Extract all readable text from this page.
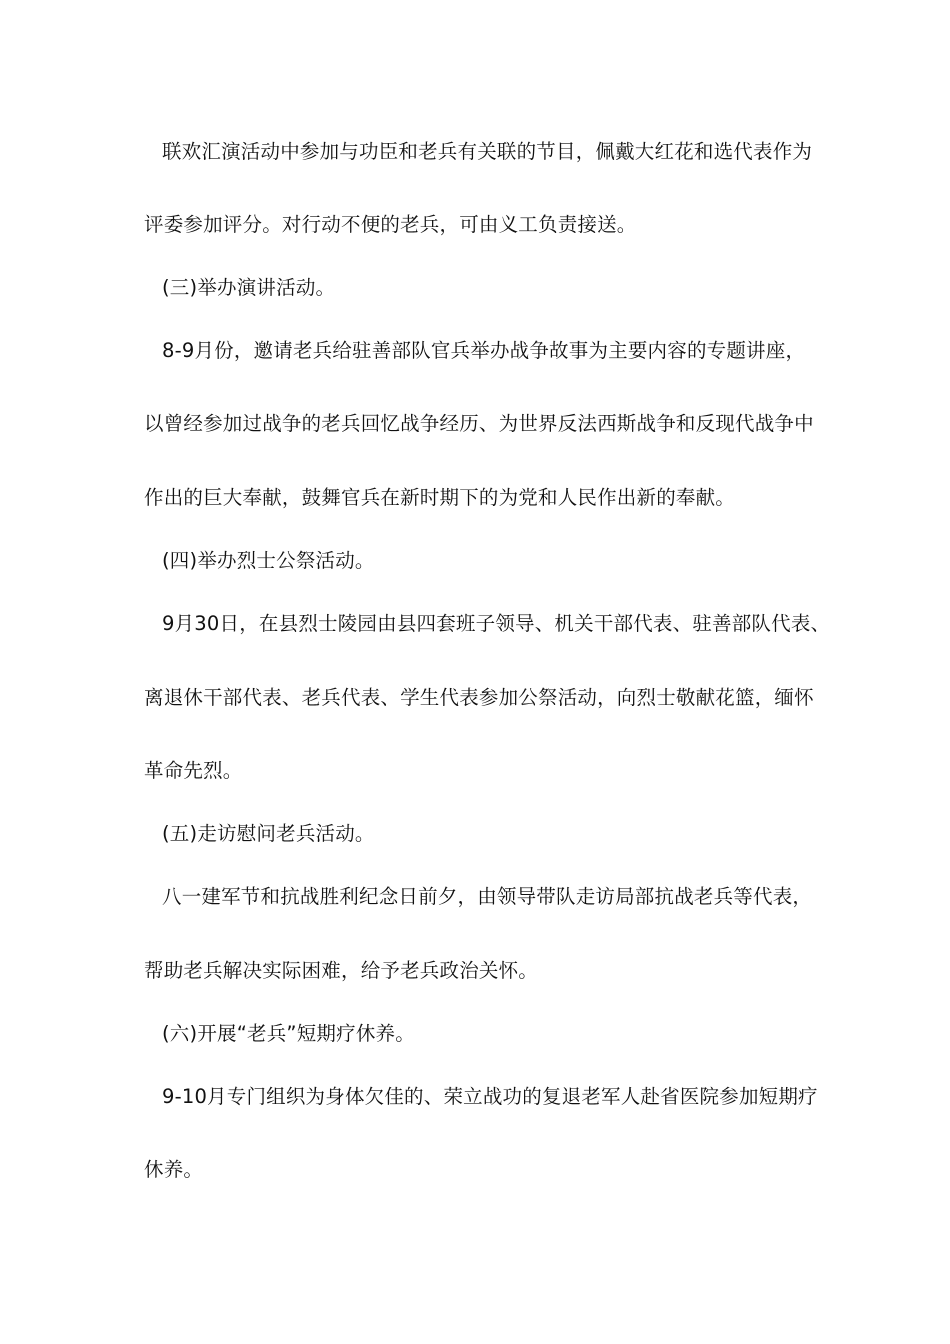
联欢汇演活动中参加与功臣和老兵有关联的节目，佩戴大红花和选代表作为
评委参加评分。对行动不便的老兵，可由义工负责接送。
(三)举办演讲活动。
8-9月份，邀请老兵给驻善部队官兵举办战争故事为主要内容的专题讲座，
以曾经参加过战争的老兵回忆战争经历、为世界反法西斯战争和反现代战争中
作出的巨大奉献，鼓舞官兵在新时期下的为党和人民作出新的奉献。
(四)举办烈士公祭活动。
9月30日，在县烈士陵园由县四套班子领导、机关干部代表、驻善部队代表、
离退休干部代表、老兵代表、学生代表参加公祭活动，向烈士敬献花篮，缅怀
革命先烈。
(五)走访慰问老兵活动。
八一建军节和抗战胜利纪念日前夕，由领导带队走访局部抗战老兵等代表，
帮助老兵解决实际困难，给予老兵政治关怀。
(六)开展“老兵”短期疗休养。
9-10月专门组织为身体欠佳的、荣立战功的复退老军人赴省医院参加短期疗
休养。
